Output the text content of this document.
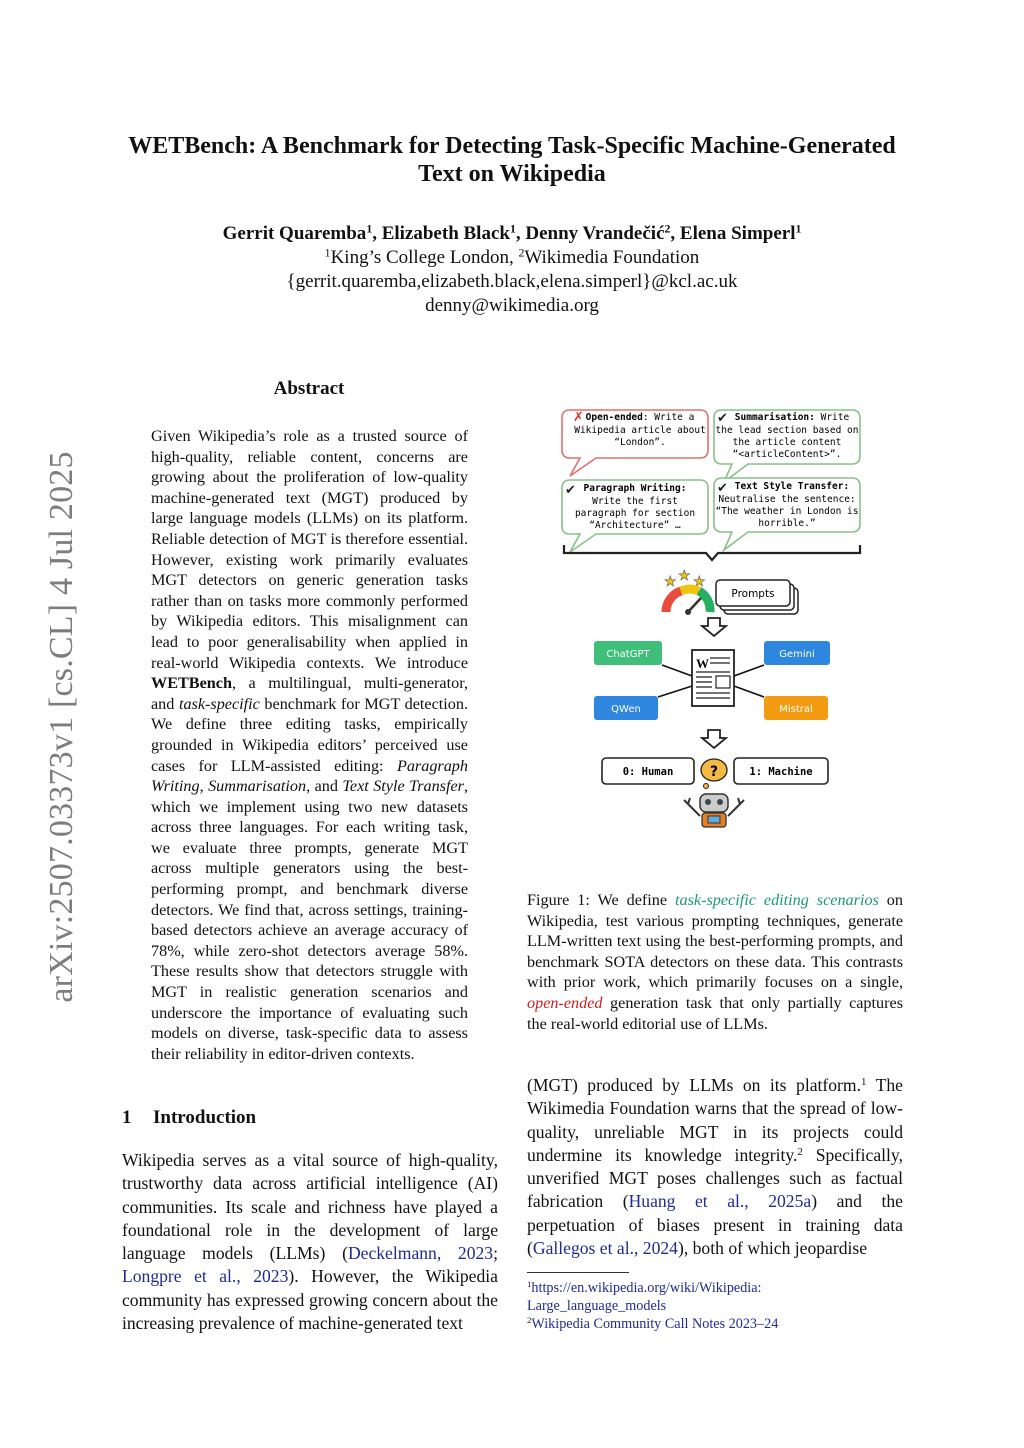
WETBench: A Benchmark for Detecting Task-Specific Machine-Generated
Text on Wikipedia
Gerrit Quaremba$^1$, Elizabeth Black$^1$, Denny Vrandečić$^2$, Elena Simperl$^1$
$^1$King’s College London, $^2$Wikimedia Foundation
{gerrit.quaremba,elizabeth.black,elena.simperl}@kcl.ac.uk
denny@wikimedia.org
arXiv:2507.03373v1 [cs.CL] 4 Jul 2025
Abstract
Given Wikipedia’s role as a trusted source of high-quality, reliable content, concerns are growing about the proliferation of low-quality machine-generated text (MGT) produced by large language models (LLMs) on its platform. Reliable detection of MGT is therefore essential. However, existing work primarily evaluates MGT detectors on generic generation tasks rather than on tasks more commonly performed by Wikipedia editors. This misalignment can lead to poor generalisability when applied in real-world Wikipedia contexts. We introduce WETBench, a multilingual, multi-generator, and task-specific benchmark for MGT detection. We define three editing tasks, empirically grounded in Wikipedia editors’ perceived use cases for LLM-assisted editing: Paragraph Writing, Summarisation, and Text Style Transfer, which we implement using two new datasets across three languages. For each writing task, we evaluate three prompts, generate MGT across multiple generators using the best-performing prompt, and benchmark diverse detectors. We find that, across settings, training-based detectors achieve an average accuracy of 78%, while zero-shot detectors average 58%. These results show that detectors struggle with MGT in realistic generation scenarios and underscore the importance of evaluating such models on diverse, task-specific data to assess their reliability in editor-driven contexts.
1 Introduction
Wikipedia serves as a vital source of high-quality, trustworthy data across artificial intelligence (AI) communities. Its scale and richness have played a foundational role in the development of large language models (LLMs) (Deckelmann, 2023; Longpre et al., 2023). However, the Wikipedia community has expressed growing concern about the increasing prevalence of machine-generated text
Figure 1: We define task-specific editing scenarios on Wikipedia, test various prompting techniques, generate LLM-written text using the best-performing prompts, and benchmark SOTA detectors on these data. This contrasts with prior work, which primarily focuses on a single, open-ended generation task that only partially captures the real-world editorial use of LLMs.
(MGT) produced by LLMs on its platform.$^1$ The Wikimedia Foundation warns that the spread of low-quality, unreliable MGT in its projects could undermine its knowledge integrity.$^2$ Specifically, unverified MGT poses challenges such as factual fabrication (Huang et al., 2025a) and the perpetuation of biases present in training data (Gallegos et al., 2024), both of which jeopardise
$^1$https://en.wikipedia.org/wiki/Wikipedia:
Large_language_models
$^2$Wikipedia Community Call Notes 2023–24
✗ Open-ended: Write a
Wikipedia article about
“London”.
✔ Summarisation: Write
the lead section based on
the article content
“<articleContent>”.
✔ Paragraph Writing:
Write the first
paragraph for section
“Architecture” …
✔ Text Style Transfer:
Neutralise the sentence:
“The weather in London is
horrible.”
★ ★ ★
Prompts
ChatGPT	Gemini
QWen	Mistral
W
0: Human	1: Machine
?
